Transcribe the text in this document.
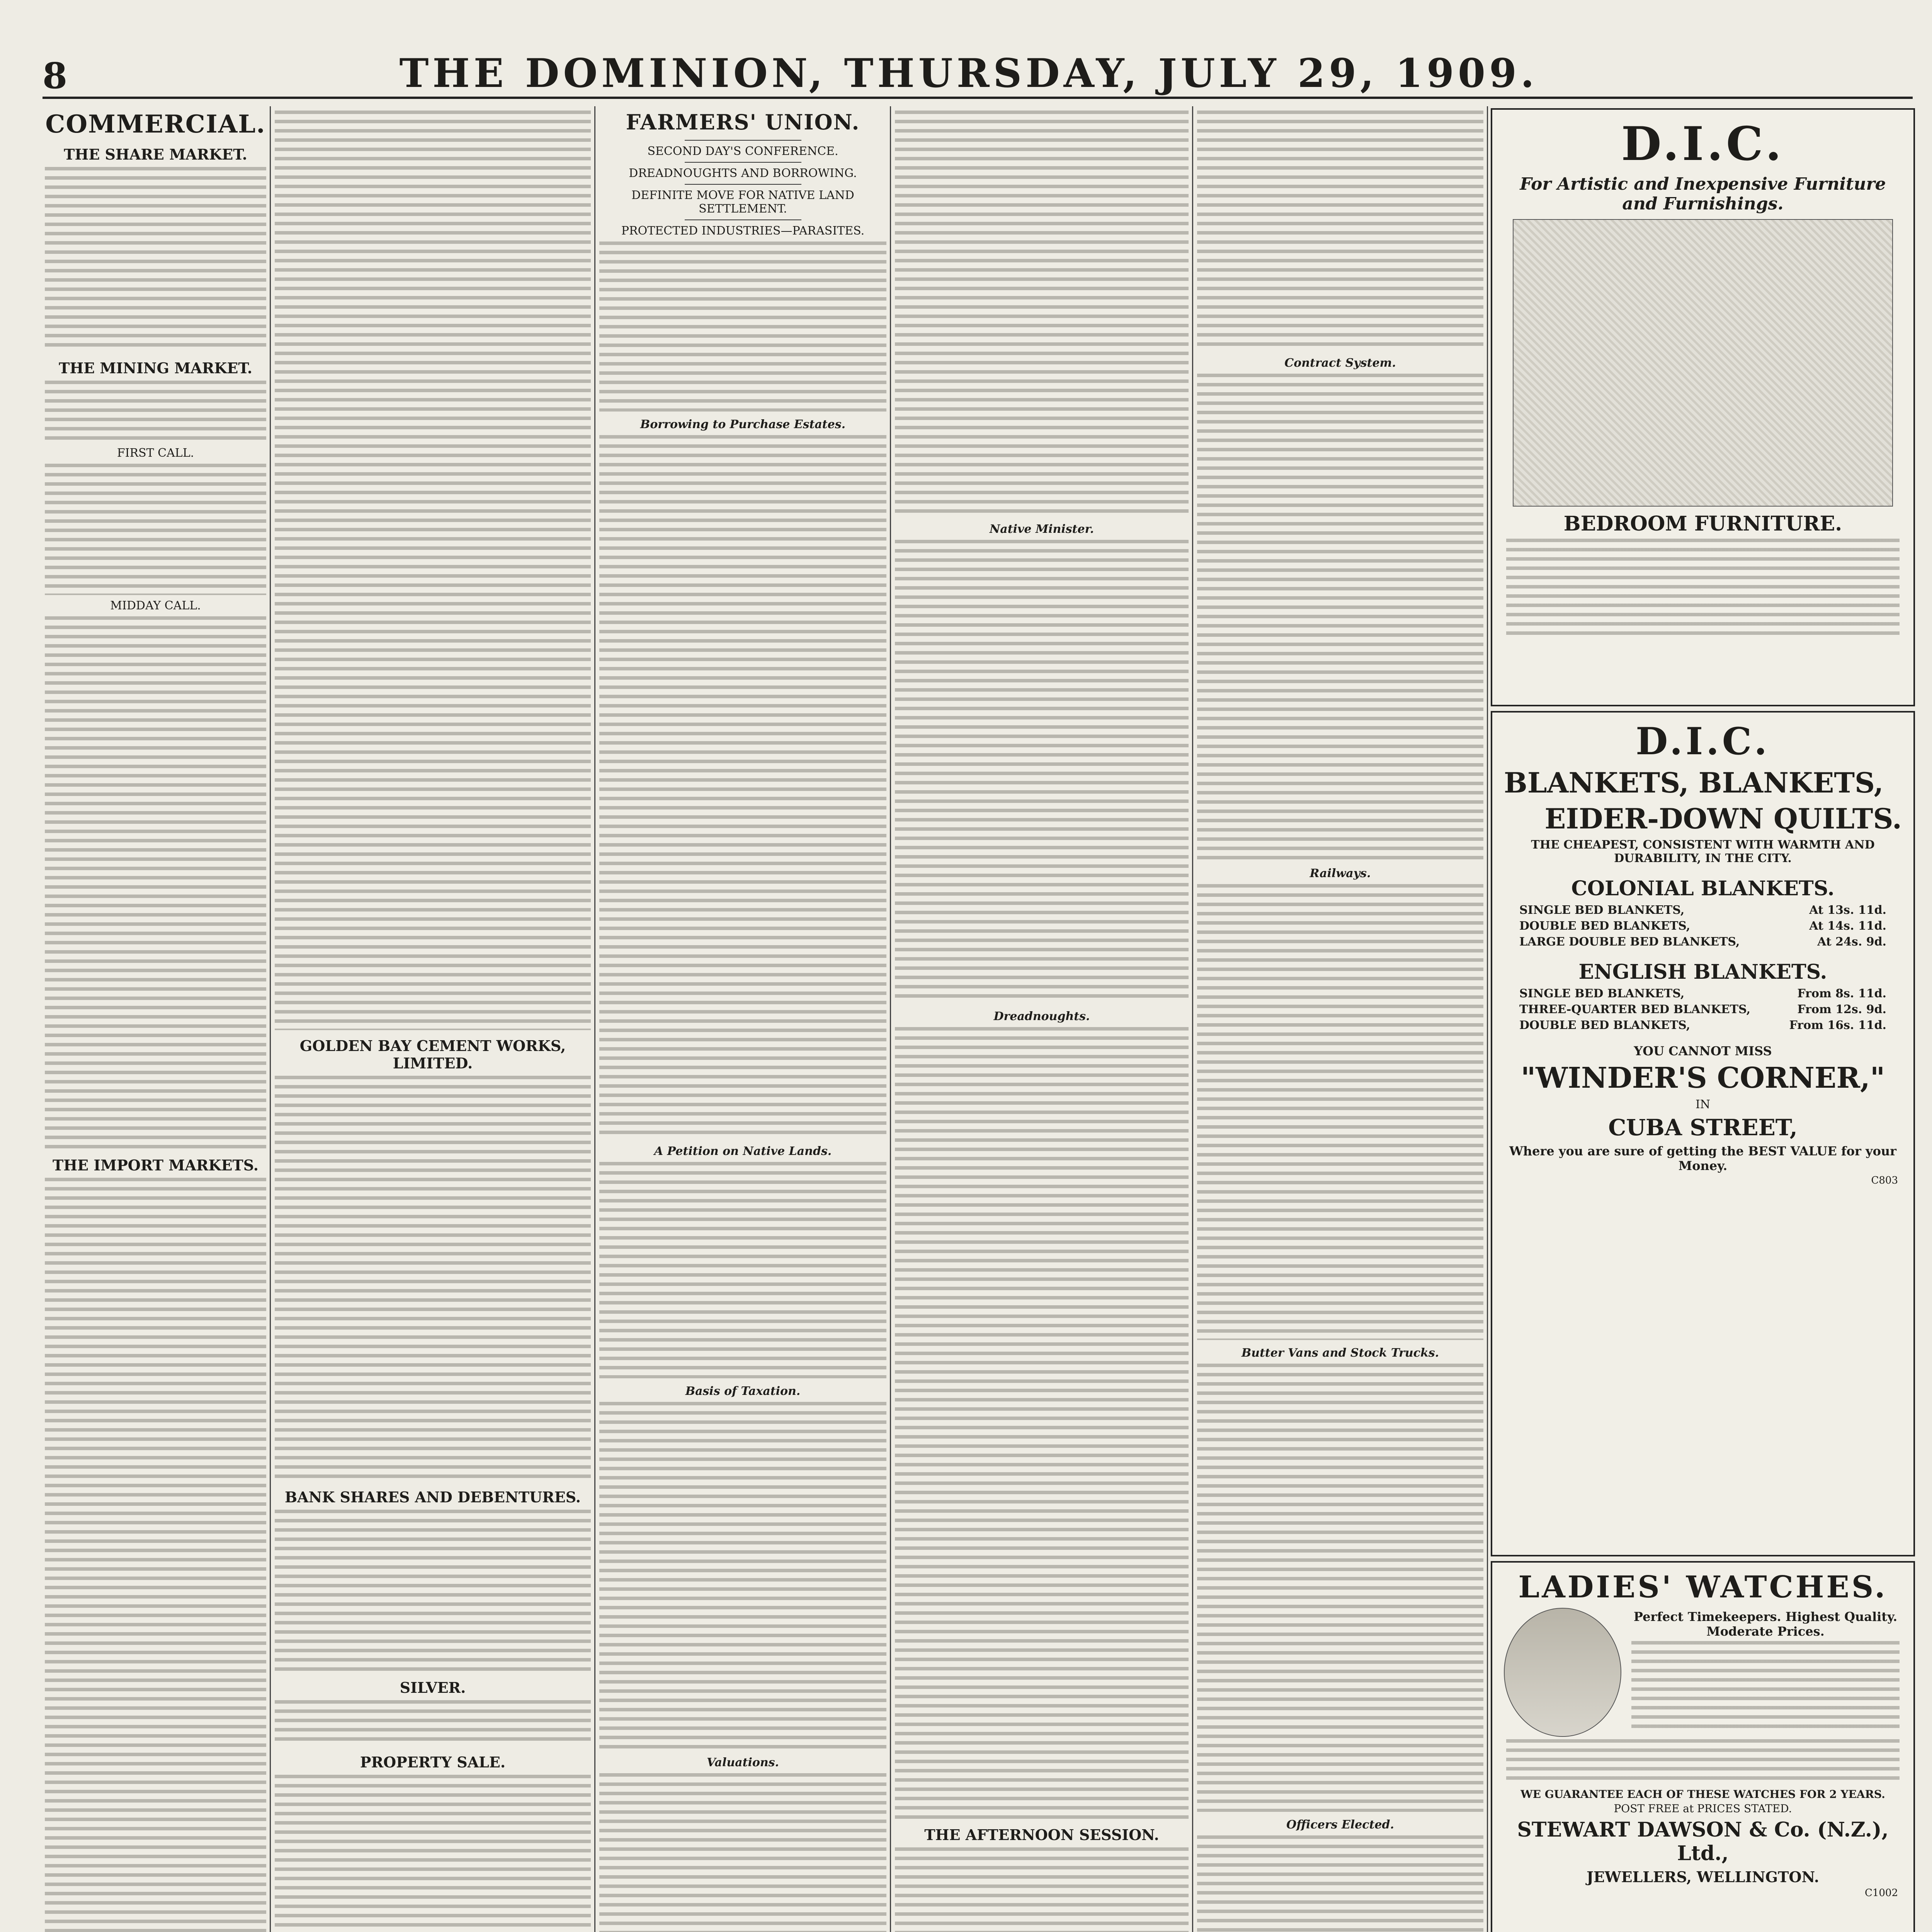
8	THE DOMINION, THURSDAY, JULY 29, 1909.
COMMERCIAL.
THE SHARE MARKET.
THE MINING MARKET.
FIRST CALL.
MIDDAY CALL.
THE IMPORT MARKETS.
GOLDEN BAY CEMENT WORKS, LIMITED.
BANK SHARES AND DEBENTURES.
SILVER.
PROPERTY SALE.
FARMERS' UNION.
SECOND DAY'S CONFERENCE.
DREADNOUGHTS AND BORROWING.
DEFINITE MOVE FOR NATIVE LAND SETTLEMENT.
PROTECTED INDUSTRIES—PARASITES.
Borrowing to Purchase Estates.
A Petition on Native Lands.
Basis of Taxation.
Valuations.
Native Minister.
Dreadnoughts.
THE AFTERNOON SESSION.
Contract System.
Railways.
Butter Vans and Stock Trucks.
Officers Elected.
D.I.C.
For Artistic and Inexpensive Furniture and Furnishings.
BEDROOM FURNITURE.
D.I.C.
BLANKETS, BLANKETS,
EIDER-DOWN QUILTS.
THE CHEAPEST, CONSISTENT WITH WARMTH AND DURABILITY, IN THE CITY.
COLONIAL BLANKETS.
SINGLE BED BLANKETS,	At 13s. 11d.
DOUBLE BED BLANKETS,	At 14s. 11d.
LARGE DOUBLE BED BLANKETS,	At 24s. 9d.
ENGLISH BLANKETS.
SINGLE BED BLANKETS,	From 8s. 11d.
THREE-QUARTER BED BLANKETS,	From 12s. 9d.
DOUBLE BED BLANKETS,	From 16s. 11d.
YOU CANNOT MISS
"WINDER'S CORNER,"
IN
CUBA STREET,
Where you are sure of getting the BEST VALUE for your Money.
C803
LADIES' WATCHES.
Perfect Timekeepers. Highest Quality. Moderate Prices.
WE GUARANTEE EACH OF THESE WATCHES FOR 2 YEARS.
POST FREE at PRICES STATED.
STEWART DAWSON & Co. (N.Z.), Ltd.,
JEWELLERS, WELLINGTON.
C1002
